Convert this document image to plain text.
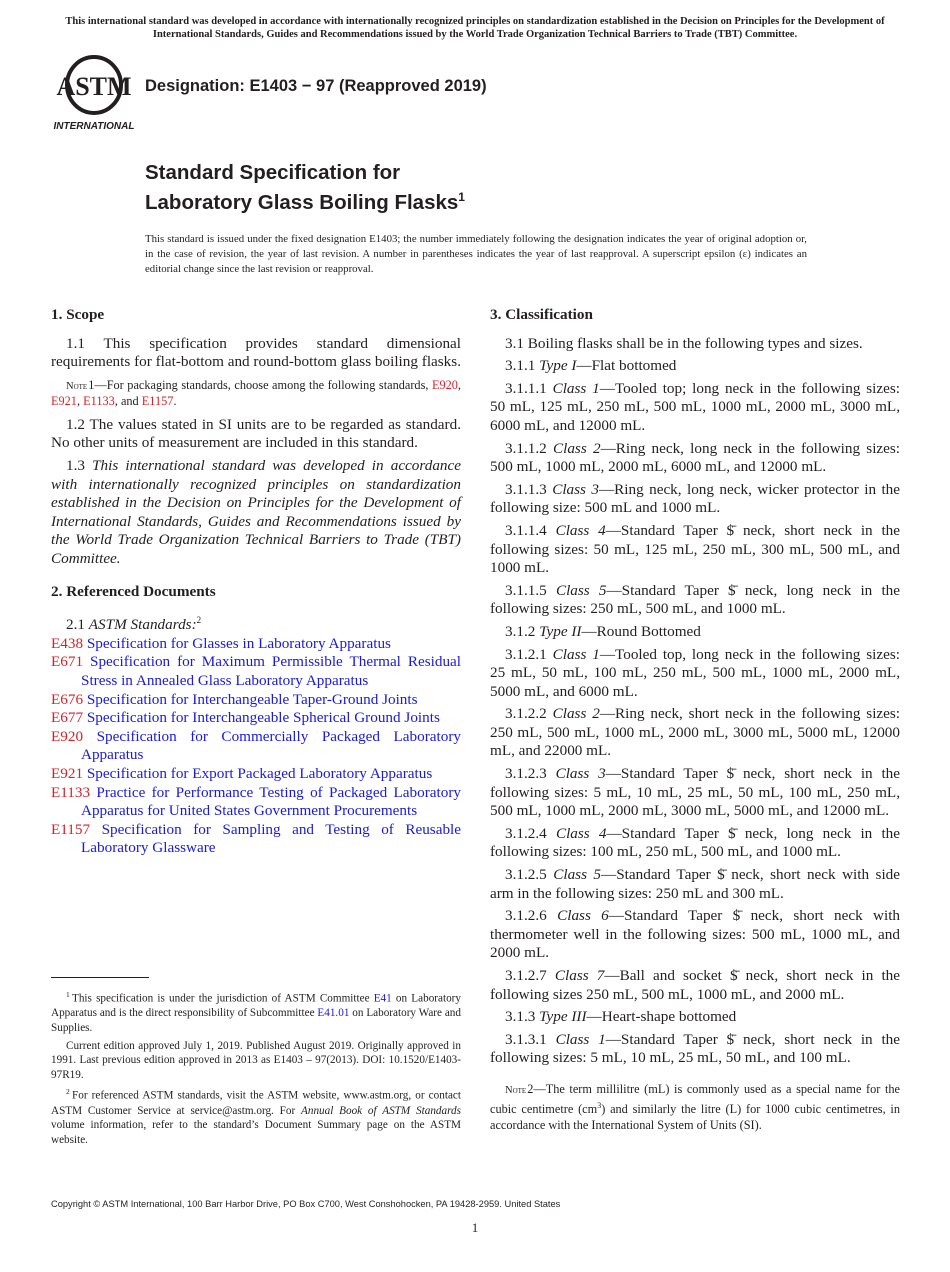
This international standard was developed in accordance with internationally recognized principles on standardization established in the Decision on Principles for the Development of International Standards, Guides and Recommendations issued by the World Trade Organization Technical Barriers to Trade (TBT) Committee.
ASTM
INTERNATIONAL
Designation: E1403 − 97 (Reapproved 2019)
Standard Specification for
Laboratory Glass Boiling Flasks$^1$
This standard is issued under the fixed designation E1403; the number immediately following the designation indicates the year of original adoption or, in the case of revision, the year of last revision. A number in parentheses indicates the year of last reapproval. A superscript epsilon (ε) indicates an editorial change since the last revision or reapproval.
1. Scope
1.1 This specification provides standard dimensional requirements for flat-bottom and round-bottom glass boiling flasks.
Note 1—For packaging standards, choose among the following standards, E920, E921, E1133, and E1157.
1.2 The values stated in SI units are to be regarded as standard. No other units of measurement are included in this standard.
1.3 This international standard was developed in accordance with internationally recognized principles on standardization established in the Decision on Principles for the Development of International Standards, Guides and Recommendations issued by the World Trade Organization Technical Barriers to Trade (TBT) Committee.
2. Referenced Documents
2.1 ASTM Standards:$^2$
E438 Specification for Glasses in Laboratory Apparatus
E671 Specification for Maximum Permissible Thermal Residual Stress in Annealed Glass Laboratory Apparatus
E676 Specification for Interchangeable Taper-Ground Joints
E677 Specification for Interchangeable Spherical Ground Joints
E920 Specification for Commercially Packaged Laboratory Apparatus
E921 Specification for Export Packaged Laboratory Apparatus
E1133 Practice for Performance Testing of Packaged Laboratory Apparatus for United States Government Procurements
E1157 Specification for Sampling and Testing of Reusable Laboratory Glassware
3. Classification
3.1 Boiling flasks shall be in the following types and sizes.
3.1.1 Type I—Flat bottomed
3.1.1.1 Class 1—Tooled top; long neck in the following sizes: 50 mL, 125 mL, 250 mL, 500 mL, 1000 mL, 2000 mL, 3000 mL, 6000 mL, and 12000 mL.
3.1.1.2 Class 2—Ring neck, long neck in the following sizes: 500 mL, 1000 mL, 2000 mL, 6000 mL, and 12000 mL.
3.1.1.3 Class 3—Ring neck, long neck, wicker protector in the following size: 500 mL and 1000 mL.
3.1.1.4 Class 4—Standard Taper $̄ neck, short neck in the following sizes: 50 mL, 125 mL, 250 mL, 300 mL, 500 mL, and 1000 mL.
3.1.1.5 Class 5—Standard Taper $̄ neck, long neck in the following sizes: 250 mL, 500 mL, and 1000 mL.
3.1.2 Type II—Round Bottomed
3.1.2.1 Class 1—Tooled top, long neck in the following sizes: 25 mL, 50 mL, 100 mL, 250 mL, 500 mL, 1000 mL, 2000 mL, 5000 mL, and 6000 mL.
3.1.2.2 Class 2—Ring neck, short neck in the following sizes: 250 mL, 500 mL, 1000 mL, 2000 mL, 3000 mL, 5000 mL, 12000 mL, and 22000 mL.
3.1.2.3 Class 3—Standard Taper $̄ neck, short neck in the following sizes: 5 mL, 10 mL, 25 mL, 50 mL, 100 mL, 250 mL, 500 mL, 1000 mL, 2000 mL, 3000 mL, 5000 mL, and 12000 mL.
3.1.2.4 Class 4—Standard Taper $̄ neck, long neck in the following sizes: 100 mL, 250 mL, 500 mL, and 1000 mL.
3.1.2.5 Class 5—Standard Taper $̄ neck, short neck with side arm in the following sizes: 250 mL and 300 mL.
3.1.2.6 Class 6—Standard Taper $̄ neck, short neck with thermometer well in the following sizes: 500 mL, 1000 mL, and 2000 mL.
3.1.2.7 Class 7—Ball and socket $̄ neck, short neck in the following sizes 250 mL, 500 mL, 1000 mL, and 2000 mL.
3.1.3 Type III—Heart-shape bottomed
3.1.3.1 Class 1—Standard Taper $̄ neck, short neck in the following sizes: 5 mL, 10 mL, 25 mL, 50 mL, and 100 mL.
Note 2—The term millilitre (mL) is commonly used as a special name for the cubic centimetre $(cm^3)$ and similarly the litre (L) for 1000 cubic centimetres, in accordance with the International System of Units (SI).
$^1$  This specification is under the jurisdiction of ASTM Committee E41 on Laboratory Apparatus and is the direct responsibility of Subcommittee E41.01 on Laboratory Ware and Supplies.
Current edition approved July 1, 2019. Published August 2019. Originally approved in 1991. Last previous edition approved in 2013 as E1403 – 97(2013). DOI: 10.1520/E1403-97R19.
$^2$  For referenced ASTM standards, visit the ASTM website, www.astm.org, or contact ASTM Customer Service at service@astm.org. For Annual Book of ASTM Standards volume information, refer to the standard’s Document Summary page on the ASTM website.
Copyright © ASTM International, 100 Barr Harbor Drive, PO Box C700, West Conshohocken, PA 19428-2959. United States
1
